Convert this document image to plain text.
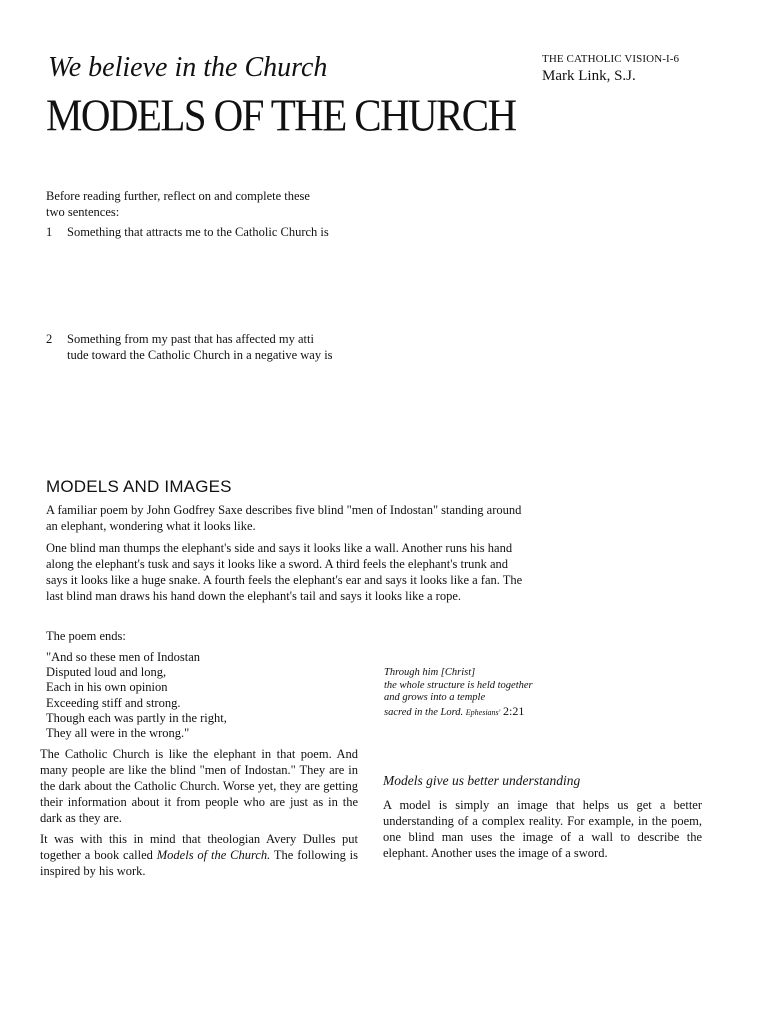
THE CATHOLIC VISION-I-6
Mark Link, S.J.
We believe in the Church
MODELS OF THE CHURCH
Before reading further, reflect on and complete these
two sentences:
1 Something that attracts me to the Catholic Church is
2 Something from my past that has affected my atti
tude toward the Catholic Church in a negative way is
MODELS AND IMAGES
A familiar poem by John Godfrey Saxe describes five blind "men of Indostan" standing around
an elephant, wondering what it looks like.
One blind man thumps the elephant's side and says it looks like a wall. Another runs his hand
along the elephant's tusk and says it looks like a sword. A third feels the elephant's trunk and
says it looks like a huge snake. A fourth feels the elephant's ear and says it looks like a fan. The
last blind man draws his hand down the elephant's tail and says it looks like a rope.
The poem ends:
"And so these men of Indostan
Disputed loud and long,
Each in his own opinion
Exceeding stiff and strong.
Though each was partly in the right,
They all were in the wrong."
The Catholic Church is like the elephant in that poem. And many people are like the blind "men of Indostan." They are in the dark about the Catholic Church. Worse yet, they are getting their information about it from people who are just as in the dark as they are.
It was with this in mind that theologian Avery Dulles put together a book called Models of the Church. The following is inspired by his work.
Through him [Christ]
the whole structure is held together
and grows into a temple
sacred in the Lord. Ephesians' 2:21
Models give us better understanding
A model is simply an image that helps us get a better understanding of a complex reality. For example, in the poem, one blind man uses the image of a wall to describe the elephant. Another uses the image of a sword.
